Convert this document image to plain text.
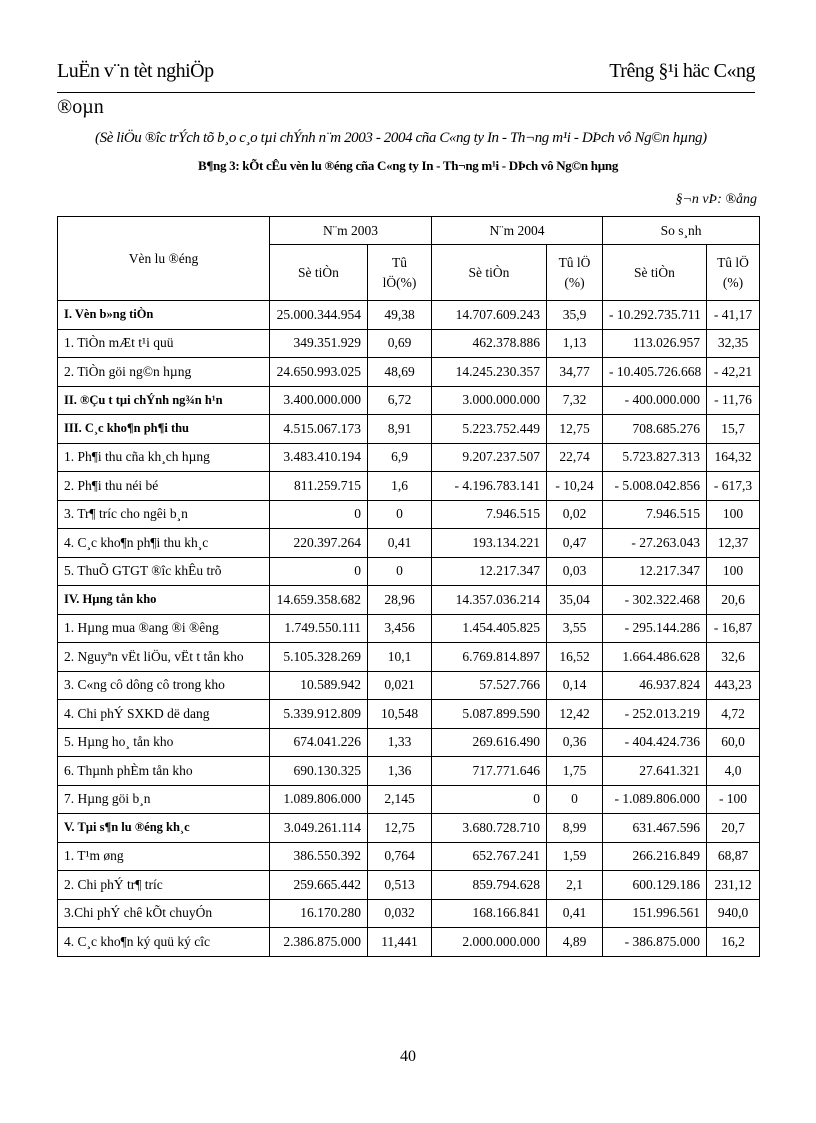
LuËn v¨n tèt nghiÖp	Trêng §¹i häc C«ng
®oµn
(Sè liÖu ®îc trÝch tõ b¸o c¸o tµi chÝnh n¨m 2003 - 2004 cña C«ng ty In - Th¬ng m¹i - DÞch vô Ng©n hµng)
B¶ng 3: kÕt cÊu vèn lu ®éng cña C«ng ty In - Th¬ng m¹i - DÞch vô Ng©n hµng
§¬n vÞ: ®ång
Vèn lu ®éng	N¨m 2003		N¨m 2004		So s¸nh	
	Sè tiÒn	Tû lÖ(%)	Sè tiÒn	Tû lÖ (%)	Sè tiÒn	Tû lÖ (%)
I. Vèn b»ng tiÒn	25.000.344.954	49,38	14.707.609.243	35,9	- 10.292.735.711	- 41,17
1. TiÒn mÆt t¹i quü	349.351.929	0,69	462.378.886	1,13	113.026.957	32,35
2. TiÒn göi ng©n hµng	24.650.993.025	48,69	14.245.230.357	34,77	- 10.405.726.668	- 42,21
II. ®Çu t tµi chÝnh ng¾n h¹n	3.400.000.000	6,72	3.000.000.000	7,32	- 400.000.000	- 11,76
III. C¸c kho¶n ph¶i thu	4.515.067.173	8,91	5.223.752.449	12,75	708.685.276	15,7
1. Ph¶i thu cña kh¸ch hµng	3.483.410.194	6,9	9.207.237.507	22,74	5.723.827.313	164,32
2. Ph¶i thu néi bé	811.259.715	1,6	- 4.196.783.141	- 10,24	- 5.008.042.856	- 617,3
3. Tr¶ tríc cho ngêi b¸n	0	0	7.946.515	0,02	7.946.515	100
4. C¸c kho¶n ph¶i thu kh¸c	220.397.264	0,41	193.134.221	0,47	- 27.263.043	12,37
5. ThuÕ GTGT ®îc khÊu trõ	0	0	12.217.347	0,03	12.217.347	100
IV. Hµng tån kho	14.659.358.682	28,96	14.357.036.214	35,04	- 302.322.468	20,6
1. Hµng mua ®ang ®i ®êng	1.749.550.111	3,456	1.454.405.825	3,55	- 295.144.286	- 16,87
2. Nguyªn vËt liÖu, vËt t tån kho	5.105.328.269	10,1	6.769.814.897	16,52	1.664.486.628	32,6
3. C«ng cô dông cô trong kho	10.589.942	0,021	57.527.766	0,14	46.937.824	443,23
4. Chi phÝ SXKD dë dang	5.339.912.809	10,548	5.087.899.590	12,42	- 252.013.219	4,72
5. Hµng ho¸ tån kho	674.041.226	1,33	269.616.490	0,36	- 404.424.736	60,0
6. Thµnh phÈm tån kho	690.130.325	1,36	717.771.646	1,75	27.641.321	4,0
7. Hµng göi b¸n	1.089.806.000	2,145	0	0	- 1.089.806.000	- 100
V. Tµi s¶n lu ®éng kh¸c	3.049.261.114	12,75	3.680.728.710	8,99	631.467.596	20,7
1. T¹m øng	386.550.392	0,764	652.767.241	1,59	266.216.849	68,87
2. Chi phÝ tr¶ tríc	259.665.442	0,513	859.794.628	2,1	600.129.186	231,12
3.Chi phÝ chê kÕt chuyÓn	16.170.280	0,032	168.166.841	0,41	151.996.561	940,0
4. C¸c kho¶n ký quü ký cîc	2.386.875.000	11,441	2.000.000.000	4,89	- 386.875.000	16,2
40
